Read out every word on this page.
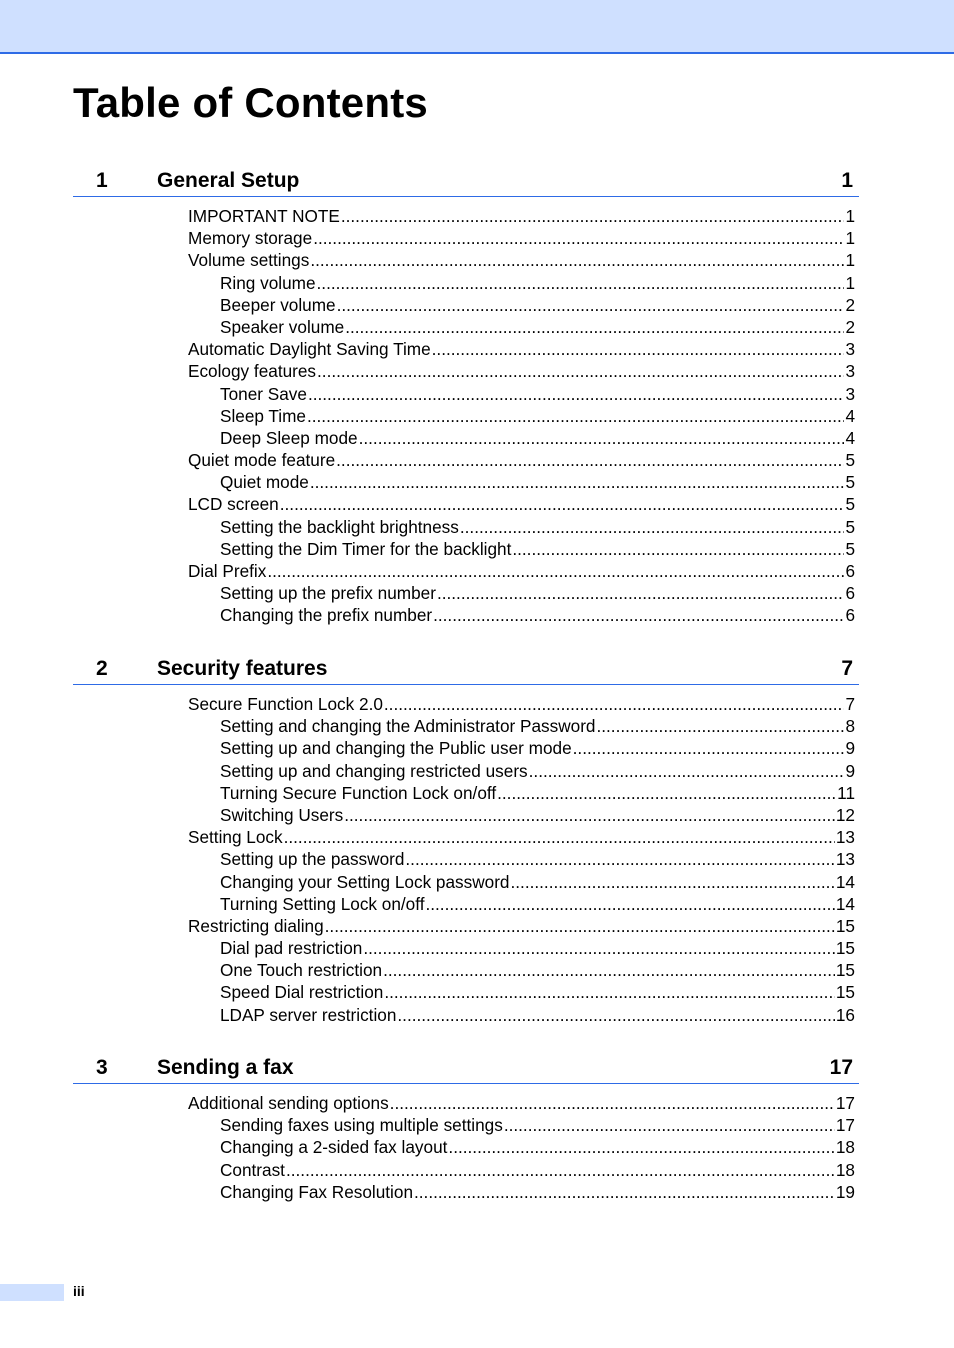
Table of Contents
1 General Setup	1
IMPORTANT NOTE .....	1
Memory storage .....	1
Volume settings .....	1
Ring volume .....	1
Beeper volume .....	2
Speaker volume .....	2
Automatic Daylight Saving Time .....	3
Ecology features .....	3
Toner Save .....	3
Sleep Time .....	4
Deep Sleep mode .....	4
Quiet mode feature .....	5
Quiet mode .....	5
LCD screen .....	5
Setting the backlight brightness .....	5
Setting the Dim Timer for the backlight .....	5
Dial Prefix .....	6
Setting up the prefix number .....	6
Changing the prefix number .....	6
2 Security features	7
Secure Function Lock 2.0 .....	7
Setting and changing the Administrator Password .....	8
Setting up and changing the Public user mode .....	9
Setting up and changing restricted users .....	9
Turning Secure Function Lock on/off .....	11
Switching Users .....	12
Setting Lock .....	13
Setting up the password .....	13
Changing your Setting Lock password .....	14
Turning Setting Lock on/off .....	14
Restricting dialing .....	15
Dial pad restriction .....	15
One Touch restriction .....	15
Speed Dial restriction .....	15
LDAP server restriction .....	16
3 Sending a fax	17
Additional sending options .....	17
Sending faxes using multiple settings .....	17
Changing a 2-sided fax layout .....	18
Contrast .....	18
Changing Fax Resolution .....	19
iii
